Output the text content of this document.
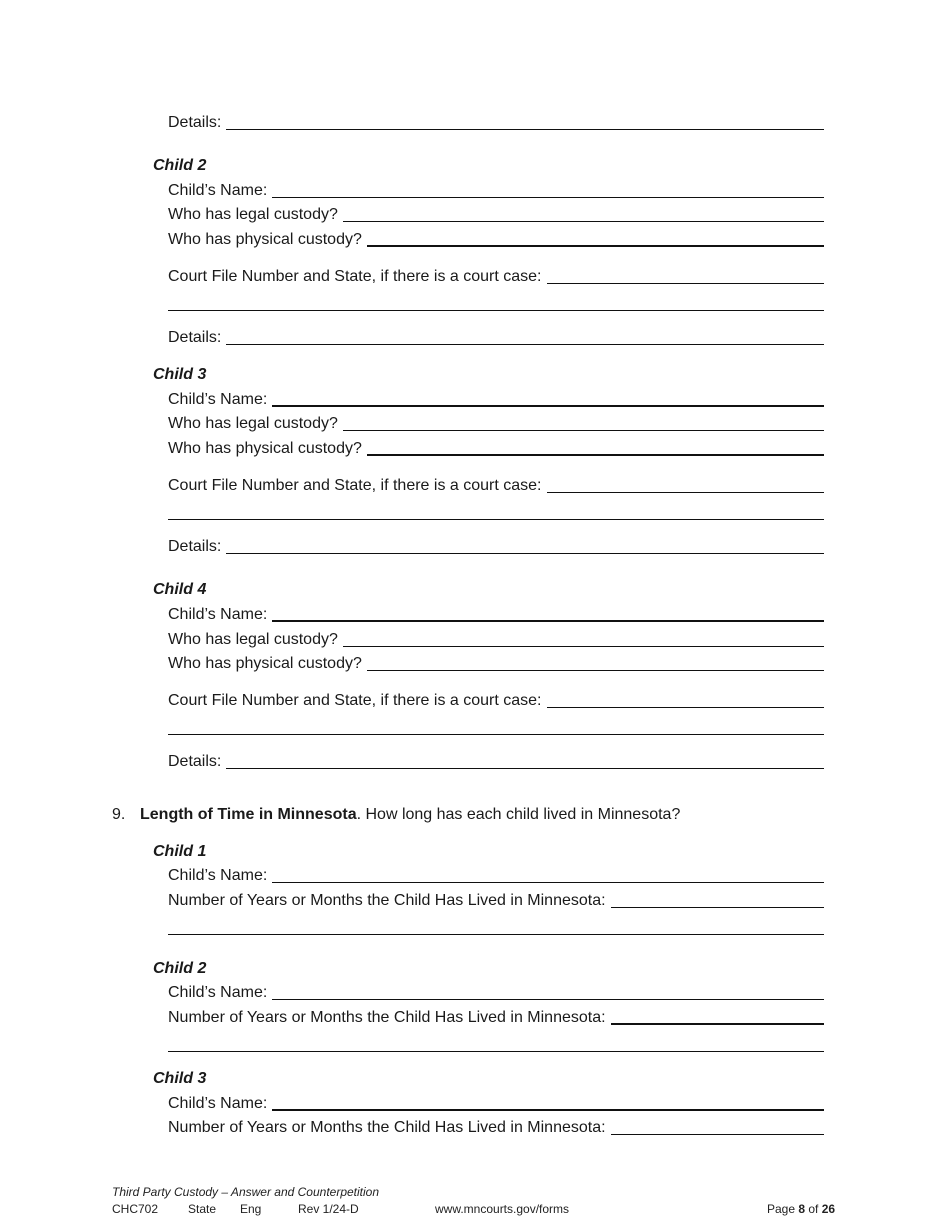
Details:
Child 2
Child’s Name:
Who has legal custody?
Who has physical custody?
Court File Number and State, if there is a court case:
Details:
Child 3
Child’s Name:
Who has legal custody?
Who has physical custody?
Court File Number and State, if there is a court case:
Details:
Child 4
Child’s Name:
Who has legal custody?
Who has physical custody?
Court File Number and State, if there is a court case:
Details:
9. Length of Time in Minnesota. How long has each child lived in Minnesota?
Child 1
Child’s Name:
Number of Years or Months the Child Has Lived in Minnesota:
Child 2
Child’s Name:
Number of Years or Months the Child Has Lived in Minnesota:
Child 3
Child’s Name:
Number of Years or Months the Child Has Lived in Minnesota:
Third Party Custody – Answer and Counterpetition
CHC702 State Eng	Rev 1/24-D	www.mncourts.gov/forms	Page 8 of 26
